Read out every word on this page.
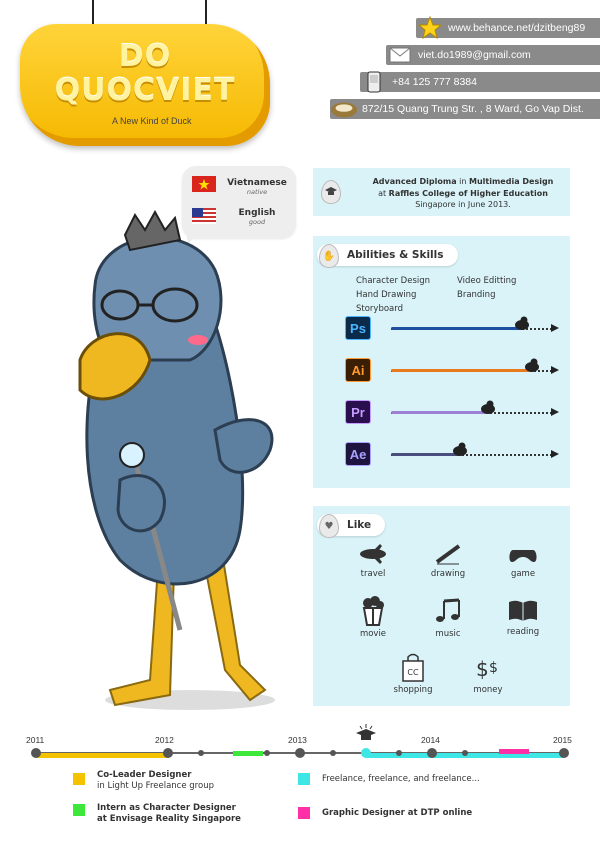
DO
QUOCVIET
A New Kind of Duck
www.behance.net/dzitbeng89
viet.do1989@gmail.com
+84 125 777 8384
872/15 Quang Trung Str. , 8 Ward, Go Vap Dist.
Vietnamese
native
English
good
Advanced Diploma in Multimedia Design
at Raffles College of Higher Education
Singapore in June 2013.
Abilities & Skills
✋
Character Design
Hand Drawing
Storyboard
Video Editting
Branding
Ps
Ai
Pr
Ae
Like
♥
travel	drawing	game
movie	music	reading
CC
shopping
$ $
money
2011	2012	2013	2014	2015
Co-Leader Designer
in Light Up Freelance group
Intern as Character Designer
at Envisage Reality Singapore
Freelance, freelance, and freelance...
Graphic Designer at DTP online
